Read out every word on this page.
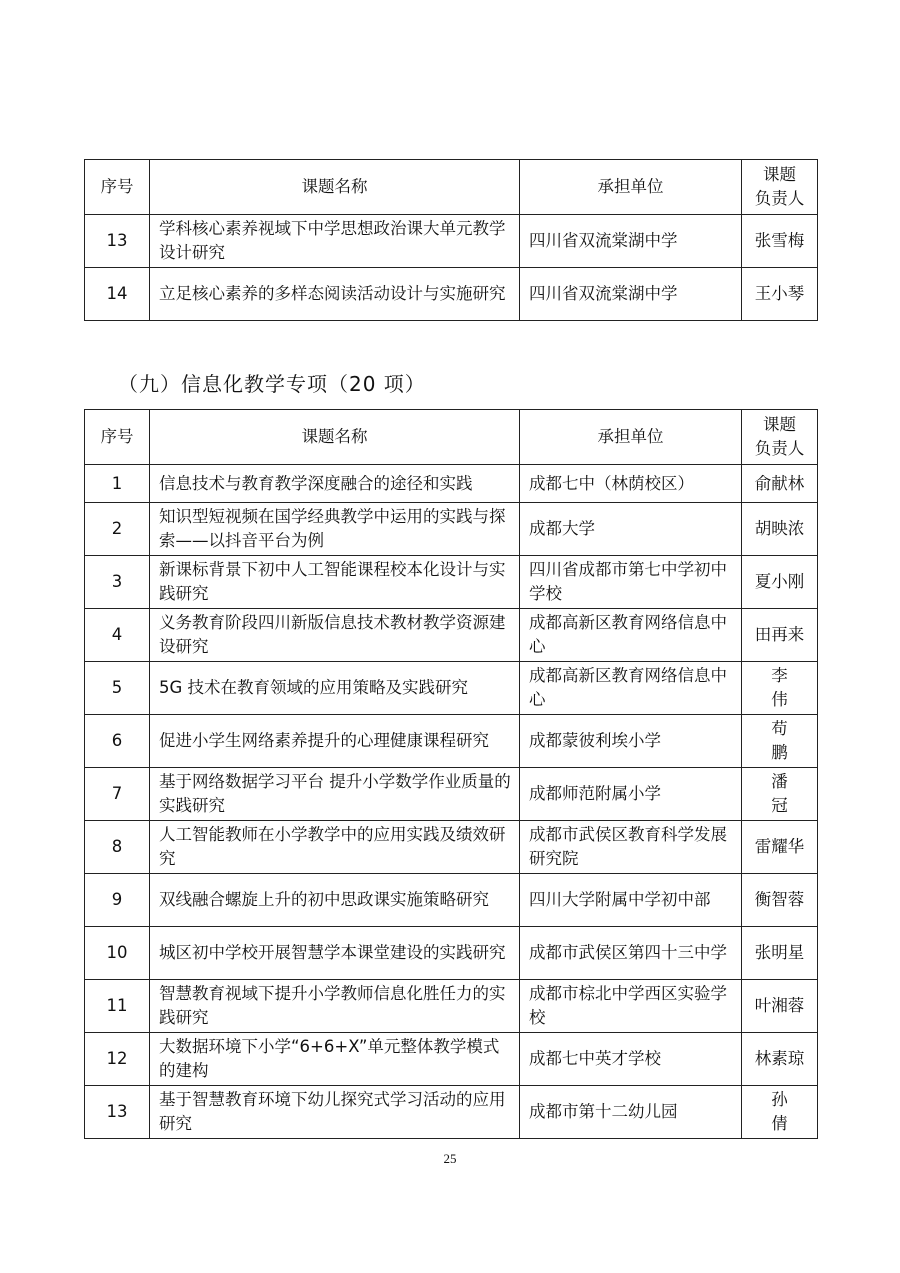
序号	课题名称	承担单位	课题
负责人
13	学科核心素养视域下中学思想政治课大单元教学设计研究	四川省双流棠湖中学	张雪梅
14	立足核心素养的多样态阅读活动设计与实施研究	四川省双流棠湖中学	王小琴
（九）信息化教学专项（20 项）
序号	课题名称	承担单位	课题
负责人
1	信息技术与教育教学深度融合的途径和实践	成都七中（林荫校区）	俞献林
2	知识型短视频在国学经典教学中运用的实践与探索——以抖音平台为例	成都大学	胡映浓
3	新课标背景下初中人工智能课程校本化设计与实践研究	四川省成都市第七中学初中学校	夏小刚
4	义务教育阶段四川新版信息技术教材教学资源建设研究	成都高新区教育网络信息中心	田再来
5	5G 技术在教育领域的应用策略及实践研究	成都高新区教育网络信息中心	李伟
6	促进小学生网络素养提升的心理健康课程研究	成都蒙彼利埃小学	苟鹏
7	基于网络数据学习平台 提升小学数学作业质量的实践研究	成都师范附属小学	潘冠
8	人工智能教师在小学教学中的应用实践及绩效研究	成都市武侯区教育科学发展研究院	雷耀华
9	双线融合螺旋上升的初中思政课实施策略研究	四川大学附属中学初中部	衡智蓉
10	城区初中学校开展智慧学本课堂建设的实践研究	成都市武侯区第四十三中学	张明星
11	智慧教育视域下提升小学教师信息化胜任力的实践研究	成都市棕北中学西区实验学校	叶湘蓉
12	大数据环境下小学“6+6+X”单元整体教学模式的建构	成都七中英才学校	林素琼
13	基于智慧教育环境下幼儿探究式学习活动的应用研究	成都市第十二幼儿园	孙倩
25
